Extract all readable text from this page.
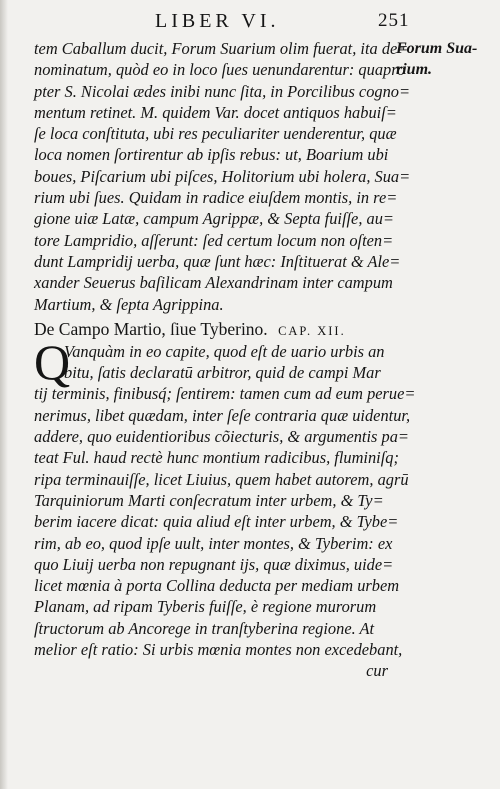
LIBER VI.	251
Forum Sua-
rium.
tem Caballum ducit, Forum Suarium olim fuerat, ita de=
nominatum, quòd eo in loco ſues uenundarentur: quapro
pter S. Nicolai ædes inibi nunc ſita, in Porcilibus cogno=
mentum retinet. M. quidem Var. docet antiquos habuiſ=
ſe loca conſtituta, ubi res peculiariter uenderentur, quæ
loca nomen ſortirentur ab ipſis rebus: ut, Boarium ubi
boues, Piſcarium ubi piſces, Holitorium ubi holera, Sua=
rium ubi ſues. Quidam in radice eiuſdem montis, in re=
gione uiæ Latæ, campum Agrippæ, & Septa fuiſſe, au=
tore Lampridio, aſſerunt: ſed certum locum non oſten=
dunt Lampridij uerba, quæ ſunt hæc: Inſtituerat & Ale=
xander Seuerus baſilicam Alexandrinam inter campum
Martium, & ſepta Agrippina.
De Campo Martio, ſiue Tyberino. CAP. XII.
Q
Vanquàm in eo capite, quod eſt de uario urbis an
bitu, ſatis declaratū arbitror, quid de campi Mar
tij terminis, finibusq́; ſentirem: tamen cum ad eum perue=
nerimus, libet quædam, inter ſeſe contraria quæ uidentur,
addere, quo euidentioribus cõiecturis, & argumentis pa=
teat Ful. haud rectè hunc montium radicibus, fluminiſq;
ripa terminauiſſe, licet Liuius, quem habet autorem, agrū
Tarquiniorum Marti conſecratum inter urbem, & Ty=
berim iacere dicat: quia aliud eſt inter urbem, & Tybe=
rim, ab eo, quod ipſe uult, inter montes, & Tyberim: ex
quo Liuij uerba non repugnant ijs, quæ diximus, uide=
licet mœnia à porta Collina deducta per mediam urbem
Planam, ad ripam Tyberis fuiſſe, è regione murorum
ſtructorum ab Ancorege in tranſtyberina regione. At
melior eſt ratio: Si urbis mœnia montes non excedebant,
cur
